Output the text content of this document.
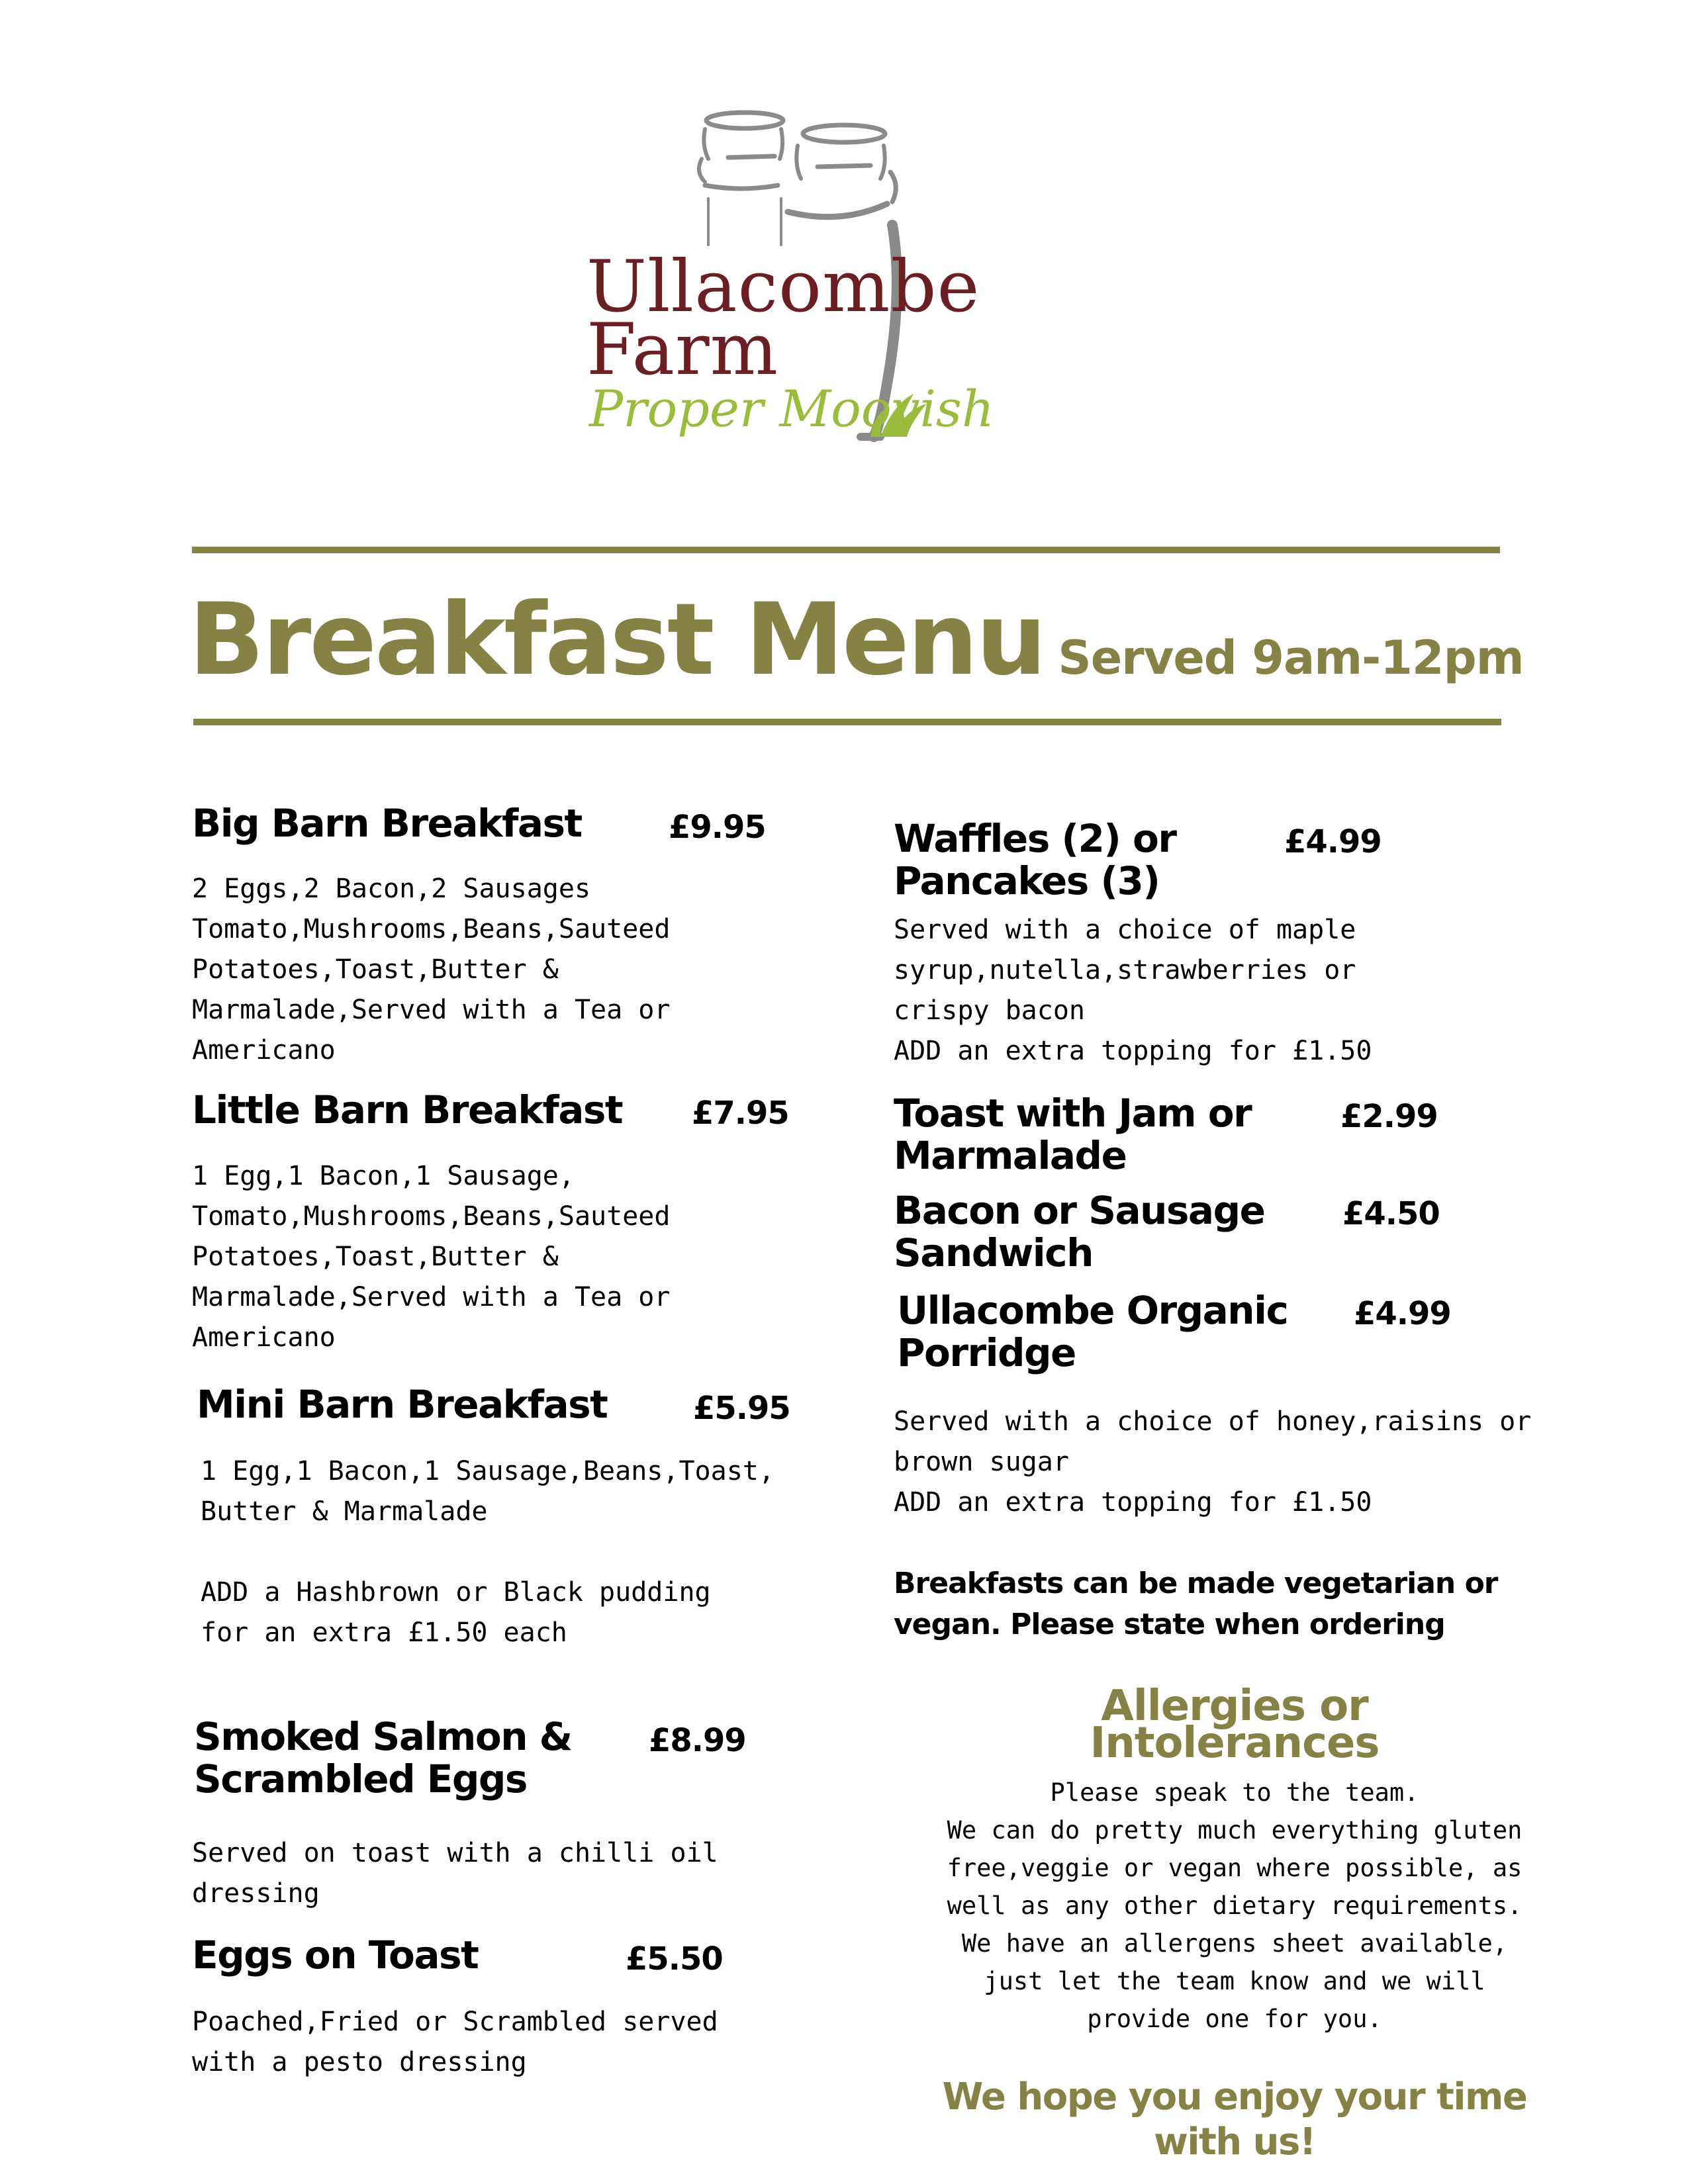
Ullacombe
Farm
Proper Moovish
Breakfast Menu Served 9am-12pm
Big Barn Breakfast	£9.95
2 Eggs,2 Bacon,2 Sausages
Tomato,Mushrooms,Beans,Sauteed
Potatoes,Toast,Butter &
Marmalade,Served with a Tea or
Americano
Little Barn Breakfast £7.95
1 Egg,1 Bacon,1 Sausage,
Tomato,Mushrooms,Beans,Sauteed
Potatoes,Toast,Butter &
Marmalade,Served with a Tea or
Americano
Mini Barn Breakfast	£5.95
1 Egg,1 Bacon,1 Sausage,Beans,Toast,
Butter & Marmalade
ADD a Hashbrown or Black pudding
for an extra £1.50 each
Smoked Salmon &
Scrambled Eggs
£8.99
Served on toast with a chilli oil
dressing
Eggs on Toast	£5.50
Poached,Fried or Scrambled served
with a pesto dressing
Waffles (2) or
Pancakes (3)
£4.99
Served with a choice of maple
syrup,nutella,strawberries or
crispy bacon
ADD an extra topping for £1.50
Toast with Jam or
Marmalade
£2.99
Bacon or Sausage
Sandwich
£4.50
Ullacombe Organic
Porridge
£4.99
Served with a choice of honey,raisins or
brown sugar
ADD an extra topping for £1.50
Breakfasts can be made vegetarian or
vegan. Please state when ordering
Allergies or
Intolerances
Please speak to the team.
We can do pretty much everything gluten
free,veggie or vegan where possible, as
well as any other dietary requirements.
We have an allergens sheet available,
just let the team know and we will
provide one for you.
We hope you enjoy your time
with us!
